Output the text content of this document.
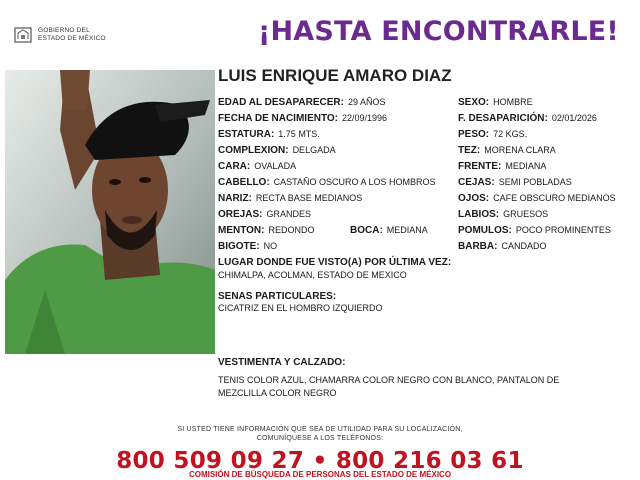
GOBIERNO DEL
ESTADO DE MÉXICO	¡HASTA ENCONTRARLE!
LUIS ENRIQUE AMARO DIAZ
EDAD AL DESAPARECER: 29 AÑOS
FECHA DE NACIMIENTO: 22/09/1996
ESTATURA: 1.75 MTS.
COMPLEXION: DELGADA
CARA: OVALADA
CABELLO: CASTAÑO OSCURO A LOS HOMBROS
NARIZ: RECTA BASE MEDIANOS
OREJAS: GRANDES
MENTON: REDONDO
BIGOTE: NO
BOCA: MEDIANA
SEXO: HOMBRE
F. DESAPARICIÓN: 02/01/2026
PESO: 72 KGS.
TEZ: MORENA CLARA
FRENTE: MEDIANA
CEJAS: SEMI POBLADAS
OJOS: CAFE OBSCURO MEDIANOS
LABIOS: GRUESOS
POMULOS: POCO PROMINENTES
BARBA: CANDADO
LUGAR DONDE FUE VISTO(A) POR ÚLTIMA VEZ:
CHIMALPA, ACOLMAN, ESTADO DE MEXICO
SENAS PARTICULARES:
CICATRIZ EN EL HOMBRO IZQUIERDO
VESTIMENTA Y CALZADO:
TENIS COLOR AZUL, CHAMARRA COLOR NEGRO CON BLANCO, PANTALON DE MEZCLILLA COLOR NEGRO
SI USTED TIENE INFORMACIÓN QUE SEA DE UTILIDAD PARA SU LOCALIZACIÓN,
COMUNÍQUESE A LOS TELÉFONOS:
800 509 09 27 • 800 216 03 61
COMISIÓN DE BÚSQUEDA DE PERSONAS DEL ESTADO DE MÉXICO
